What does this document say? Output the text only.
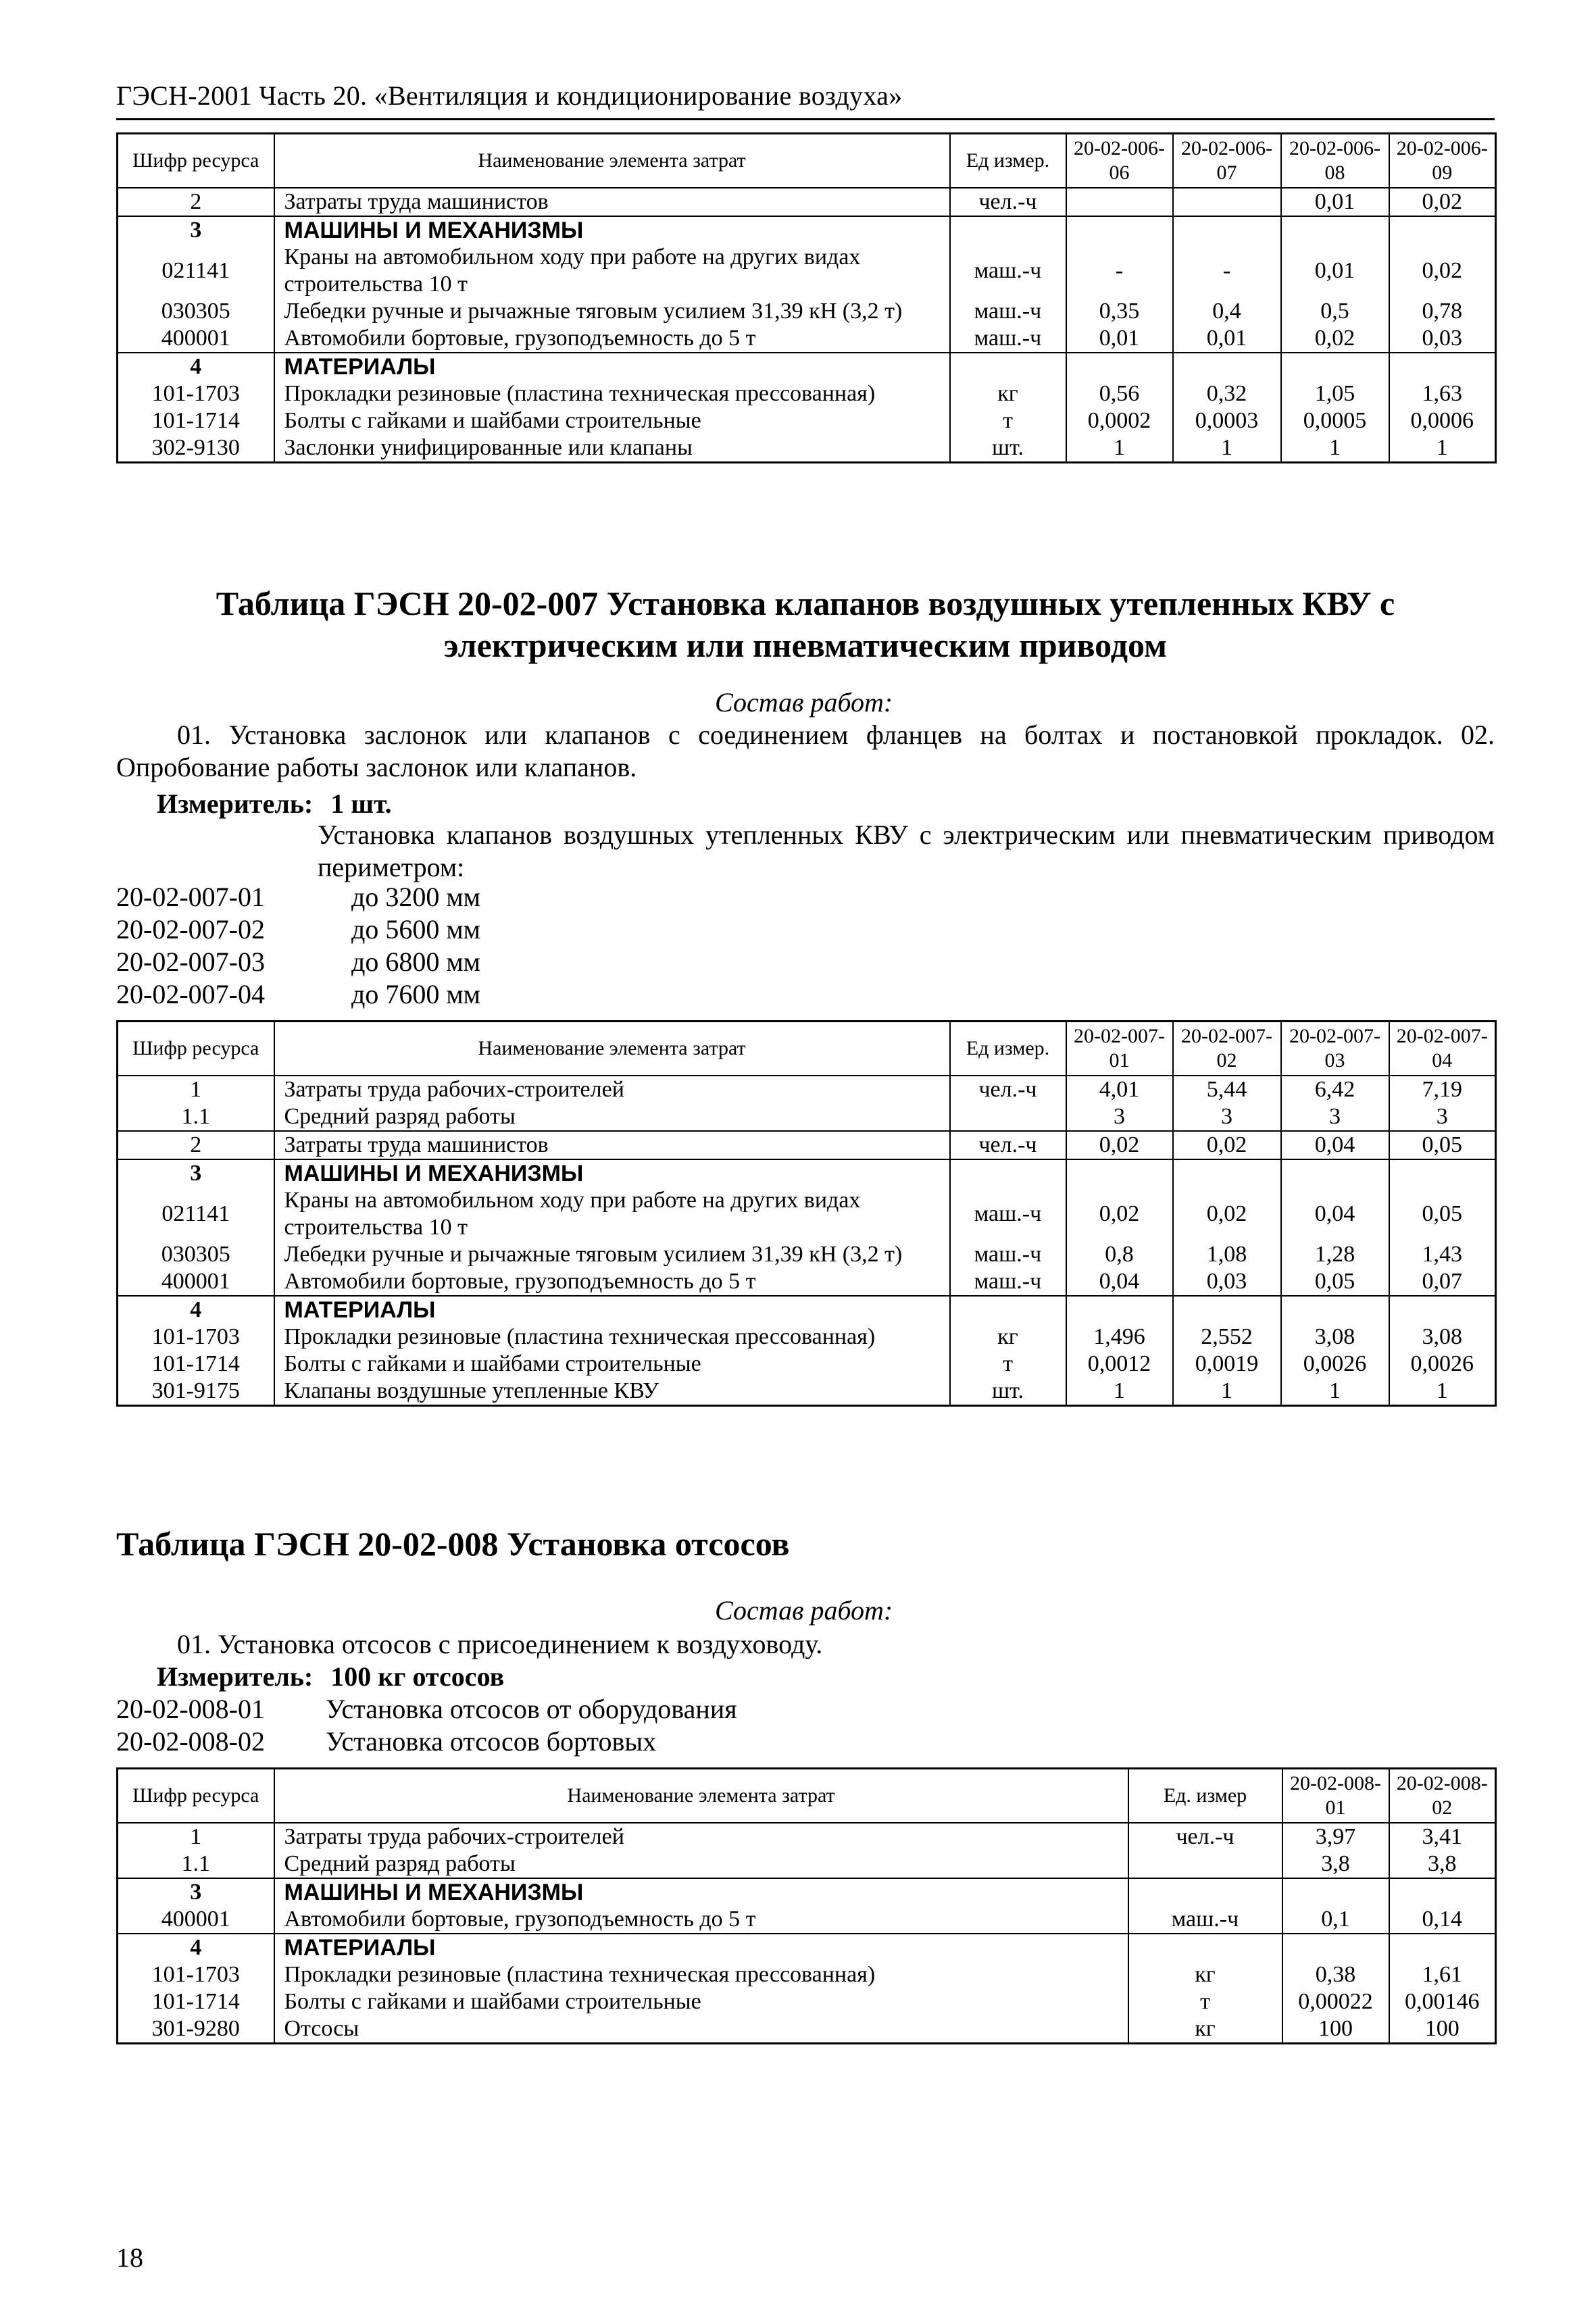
ГЭСН-2001 Часть 20. «Вентиляция и кондиционирование воздуха»
Шифр ресурса	Наименование элемента затрат	Ед измер.	20-02-006-06	20-02-006-07	20-02-006-08	20-02-006-09
2	Затраты труда машинистов	чел.-ч			0,01	0,02
3	МАШИНЫ И МЕХАНИЗМЫ					
021141	Краны на автомобильном ходу при работе на других видах строительства 10 т	маш.-ч	-	-	0,01	0,02
030305	Лебедки ручные и рычажные тяговым усилием 31,39 кН (3,2 т)	маш.-ч	0,35	0,4	0,5	0,78
400001	Автомобили бортовые, грузоподъемность до 5 т	маш.-ч	0,01	0,01	0,02	0,03
4	МАТЕРИАЛЫ					
101-1703	Прокладки резиновые (пластина техническая прессованная)	кг	0,56	0,32	1,05	1,63
101-1714	Болты с гайками и шайбами строительные	т	0,0002	0,0003	0,0005	0,0006
302-9130	Заслонки унифицированные или клапаны	шт.	1	1	1	1
Таблица ГЭСН 20-02-007 Установка клапанов воздушных утепленных КВУ с электрическим или пневматическим приводом
Состав работ:
01. Установка заслонок или клапанов с соединением фланцев на болтах и постановкой прокладок. 02. Опробование работы заслонок или клапанов.
Измеритель: 1 шт.
Установка клапанов воздушных утепленных КВУ с электрическим или пневматическим приводом периметром:
20-02-007-01	до 3200 мм
20-02-007-02	до 5600 мм
20-02-007-03	до 6800 мм
20-02-007-04	до 7600 мм
Шифр ресурса	Наименование элемента затрат	Ед измер.	20-02-007-01	20-02-007-02	20-02-007-03	20-02-007-04
1	Затраты труда рабочих-строителей	чел.-ч	4,01	5,44	6,42	7,19
1.1	Средний разряд работы		3	3	3	3
2	Затраты труда машинистов	чел.-ч	0,02	0,02	0,04	0,05
3	МАШИНЫ И МЕХАНИЗМЫ					
021141	Краны на автомобильном ходу при работе на других видах строительства 10 т	маш.-ч	0,02	0,02	0,04	0,05
030305	Лебедки ручные и рычажные тяговым усилием 31,39 кН (3,2 т)	маш.-ч	0,8	1,08	1,28	1,43
400001	Автомобили бортовые, грузоподъемность до 5 т	маш.-ч	0,04	0,03	0,05	0,07
4	МАТЕРИАЛЫ					
101-1703	Прокладки резиновые (пластина техническая прессованная)	кг	1,496	2,552	3,08	3,08
101-1714	Болты с гайками и шайбами строительные	т	0,0012	0,0019	0,0026	0,0026
301-9175	Клапаны воздушные утепленные КВУ	шт.	1	1	1	1
Таблица ГЭСН 20-02-008 Установка отсосов
Состав работ:
01. Установка отсосов с присоединением к воздуховоду.
Измеритель: 100 кг отсосов
20-02-008-01 Установка отсосов от оборудования
20-02-008-02 Установка отсосов бортовых
Шифр ресурса	Наименование элемента затрат	Ед. измер	20-02-008-01	20-02-008-02
1	Затраты труда рабочих-строителей	чел.-ч	3,97	3,41
1.1	Средний разряд работы		3,8	3,8
3	МАШИНЫ И МЕХАНИЗМЫ			
400001	Автомобили бортовые, грузоподъемность до 5 т	маш.-ч	0,1	0,14
4	МАТЕРИАЛЫ			
101-1703	Прокладки резиновые (пластина техническая прессованная)	кг	0,38	1,61
101-1714	Болты с гайками и шайбами строительные	т	0,00022	0,00146
301-9280	Отсосы	кг	100	100
18
